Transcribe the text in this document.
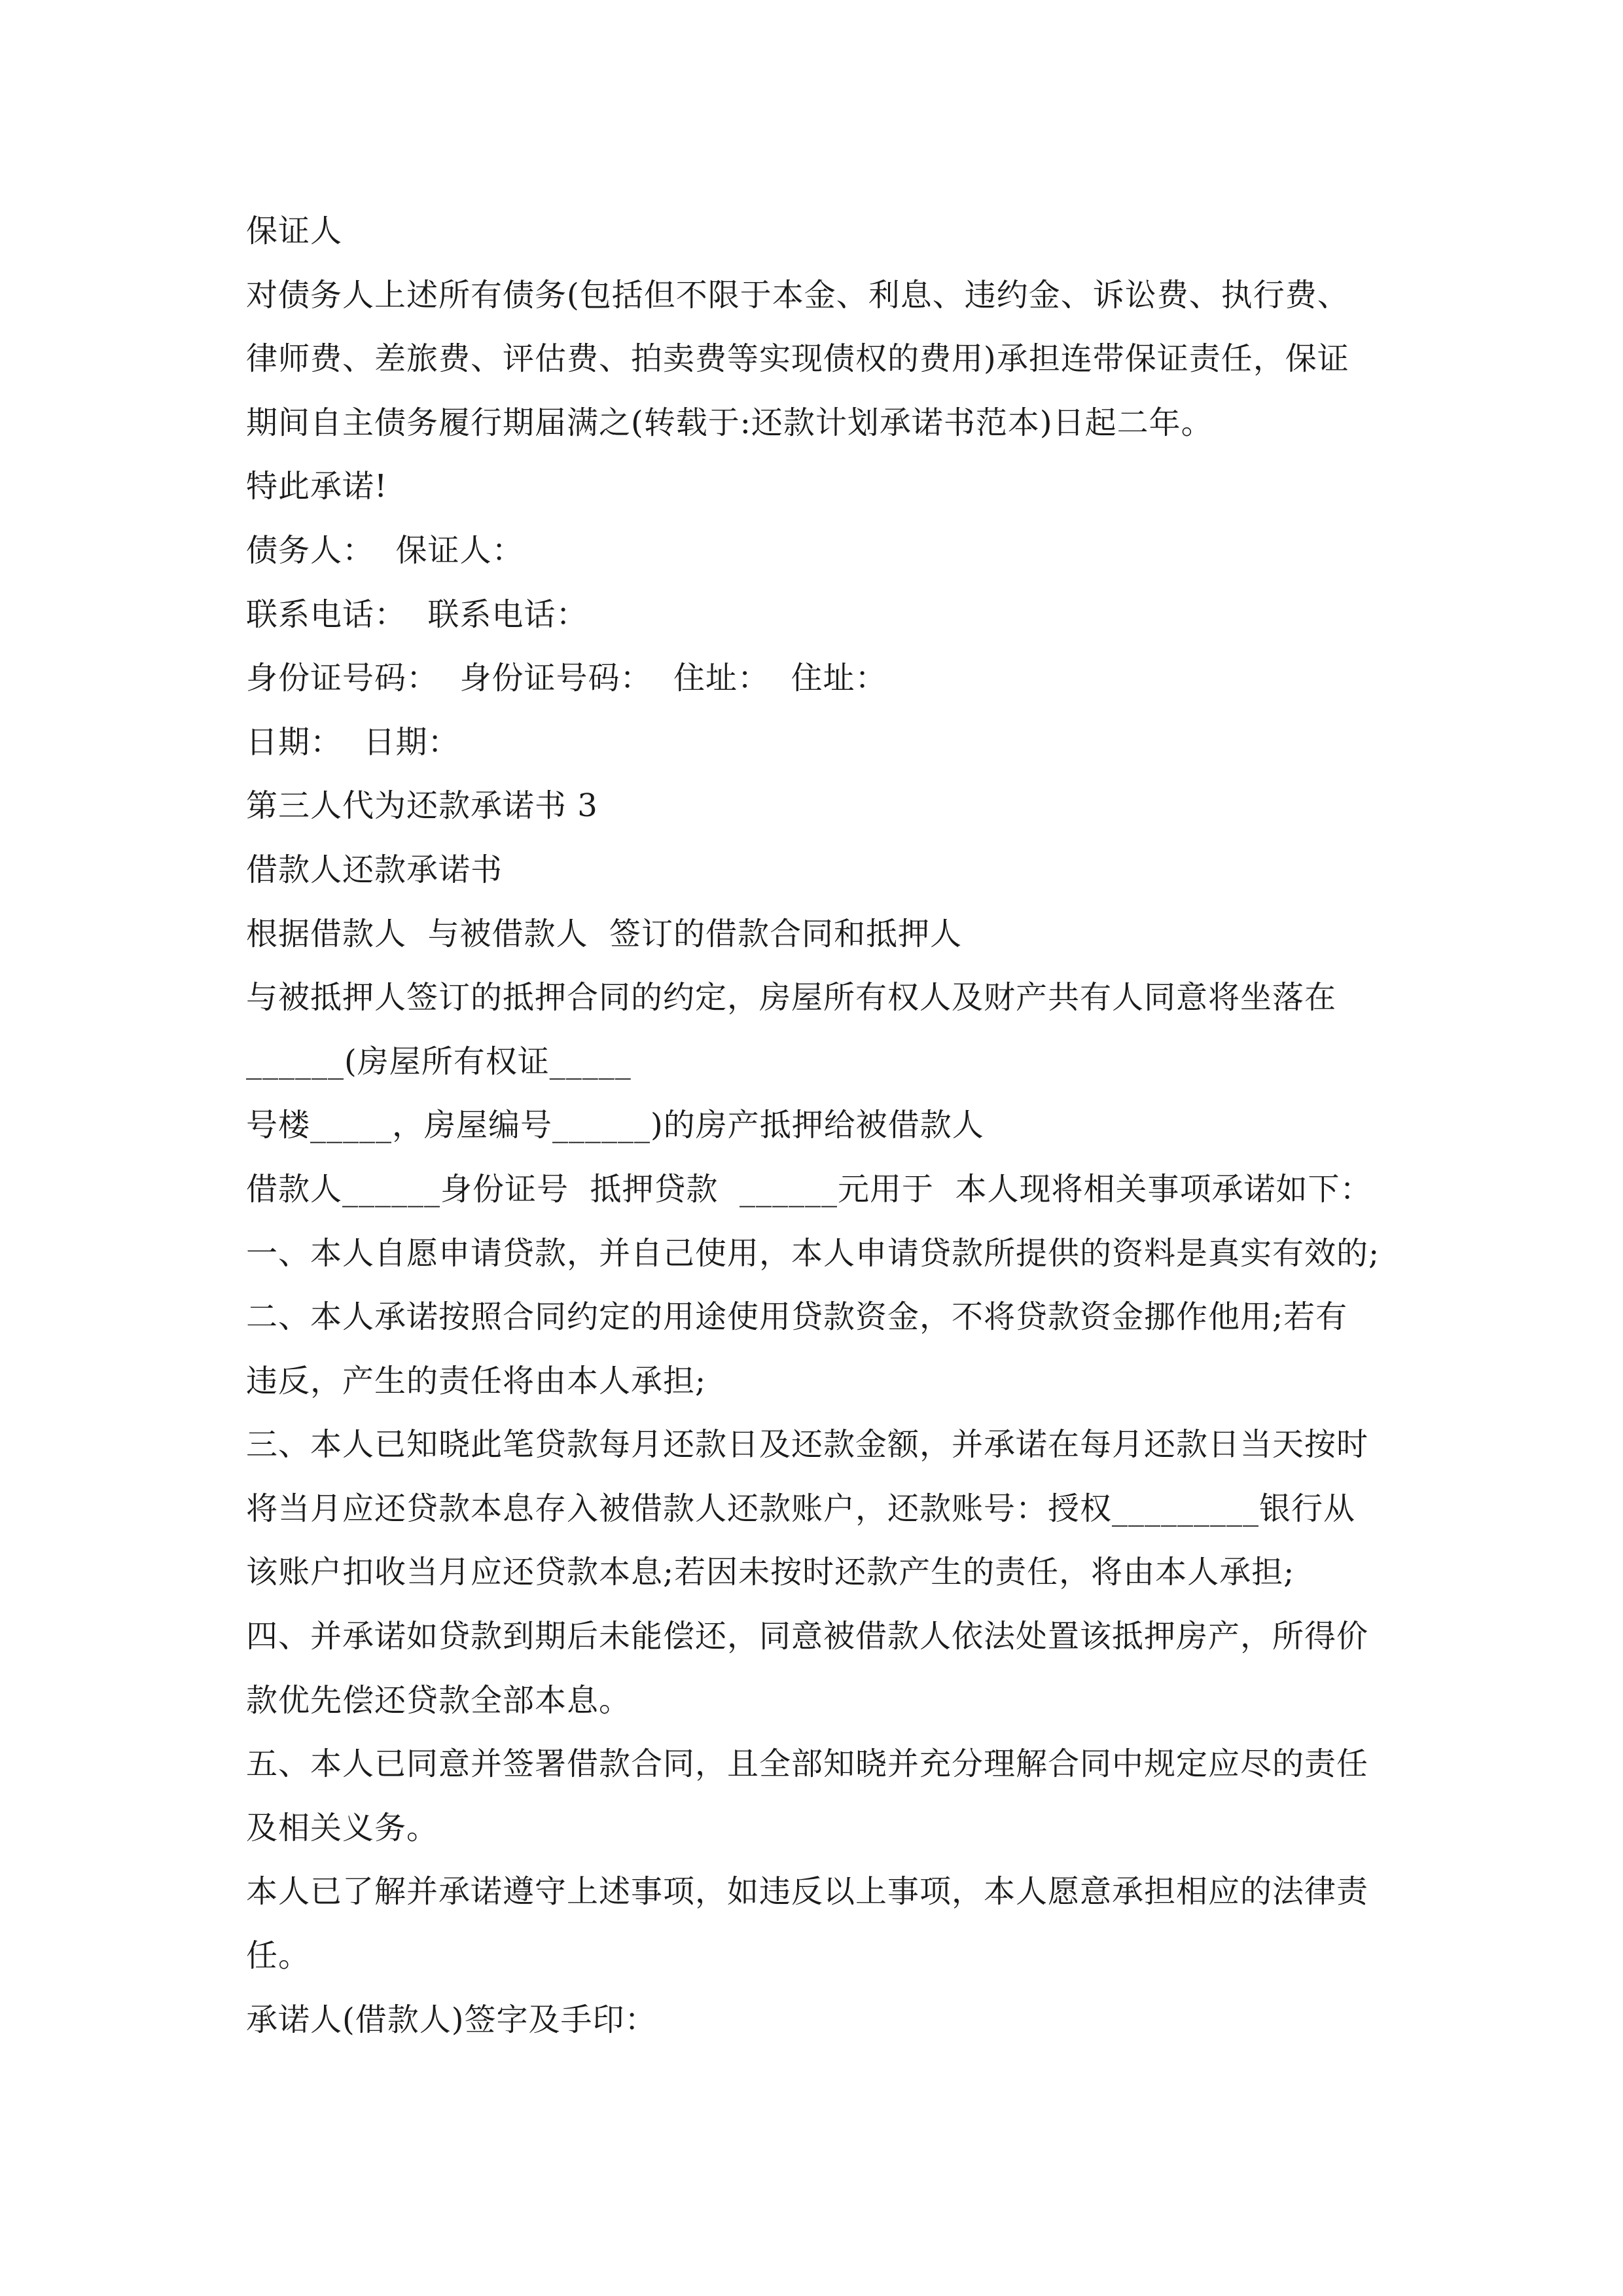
保证人
对债务人上述所有债务(包括但不限于本金、利息、违约金、诉讼费、执行费、
律师费、差旅费、评估费、拍卖费等实现债权的费用)承担连带保证责任，保证
期间自主债务履行期届满之(转载于:还款计划承诺书范本)日起二年。
特此承诺!
债务人：  保证人：
联系电话：  联系电话：
身份证号码：  身份证号码：  住址：  住址：
日期：  日期：
第三人代为还款承诺书 3
借款人还款承诺书
根据借款人  与被借款人  签订的借款合同和抵押人
与被抵押人签订的抵押合同的约定，房屋所有权人及财产共有人同意将坐落在
______(房屋所有权证_____
号楼_____，房屋编号______)的房产抵押给被借款人
借款人______身份证号  抵押贷款  ______元用于  本人现将相关事项承诺如下：
一、本人自愿申请贷款，并自己使用，本人申请贷款所提供的资料是真实有效的;
二、本人承诺按照合同约定的用途使用贷款资金，不将贷款资金挪作他用;若有
违反，产生的责任将由本人承担;
三、本人已知晓此笔贷款每月还款日及还款金额，并承诺在每月还款日当天按时
将当月应还贷款本息存入被借款人还款账户，还款账号：授权_________银行从
该账户扣收当月应还贷款本息;若因未按时还款产生的责任，将由本人承担;
四、并承诺如贷款到期后未能偿还，同意被借款人依法处置该抵押房产，所得价
款优先偿还贷款全部本息。
五、本人已同意并签署借款合同，且全部知晓并充分理解合同中规定应尽的责任
及相关义务。
本人已了解并承诺遵守上述事项，如违反以上事项，本人愿意承担相应的法律责
任。
承诺人(借款人)签字及手印：
